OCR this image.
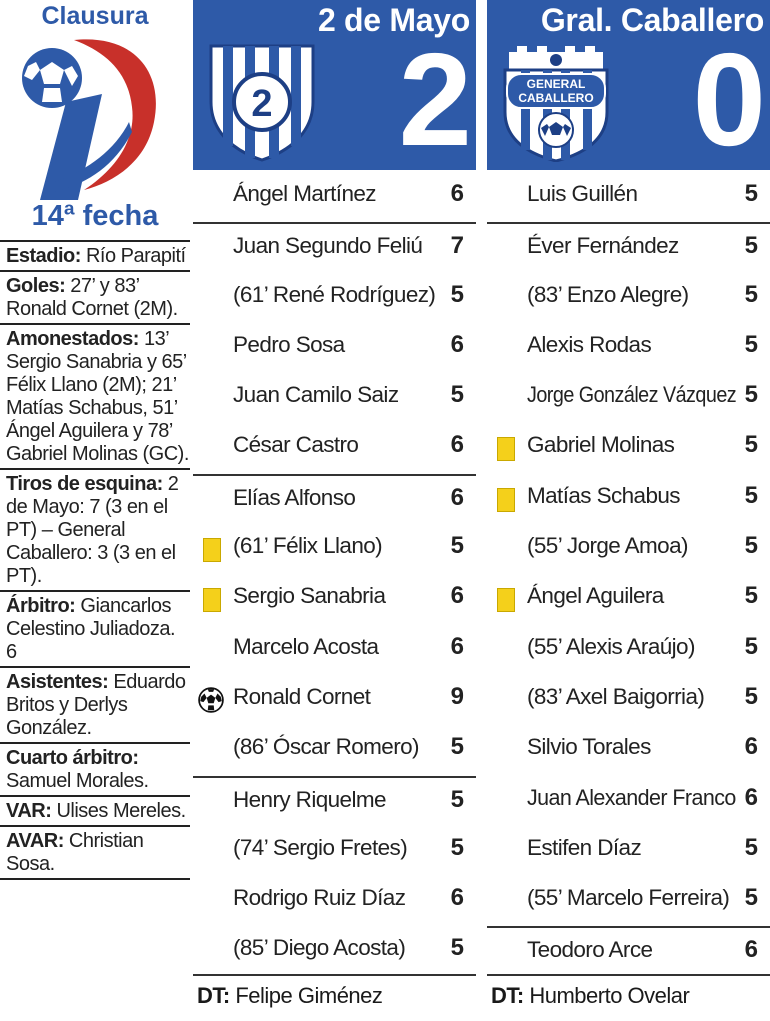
Clausura
14ª fecha
Estadio: Río Parapití
Goles: 27’ y 83’ Ronald Cornet (2M).
Amonestados: 13’ Sergio Sanabria y 65’ Félix Llano (2M); 21’ Matías Schabus, 51’ Ángel Aguilera y 78’ Gabriel Molinas (GC).
Tiros de esquina: 2 de Mayo: 7 (3 en el PT) – General Caballero: 3 (3 en el PT).
Árbitro: Giancarlos Celestino Juliadoza. 6
Asistentes: Eduardo Britos y Derlys González.
Cuarto árbitro: Samuel Morales.
VAR: Ulises Mereles.
AVAR: Christian Sosa.
2 de Mayo
2
2
Ángel Martínez	6
Juan Segundo Feliú 7
(61’ René Rodríguez) 5
Pedro Sosa	6
Juan Camilo Saiz 5
César Castro	6
Elías Alfonso	6
(61’ Félix Llano)	5
Sergio Sanabria	6
Marcelo Acosta	6
Ronald Cornet	9
(86’ Óscar Romero) 5
Henry Riquelme	5
(74’ Sergio Fretes) 5
Rodrigo Ruiz Díaz 6
(85’ Diego Acosta) 5
DT: Felipe Giménez
Gral. Caballero
0
GENERAL
CABALLERO
Luis Guillén	5
Éver Fernández	5
(83’ Enzo Alegre) 5
Alexis Rodas	5
Jorge González Vázquez 5
Gabriel Molinas	5
Matías Schabus	5
(55’ Jorge Amoa) 5
Ángel Aguilera	5
(55’ Alexis Araújo) 5
(83’ Axel Baigorria) 5
Silvio Torales	6
Juan Alexander Franco 6
Estifen Díaz	5
(55’ Marcelo Ferreira) 5
Teodoro Arce	6
DT: Humberto Ovelar
